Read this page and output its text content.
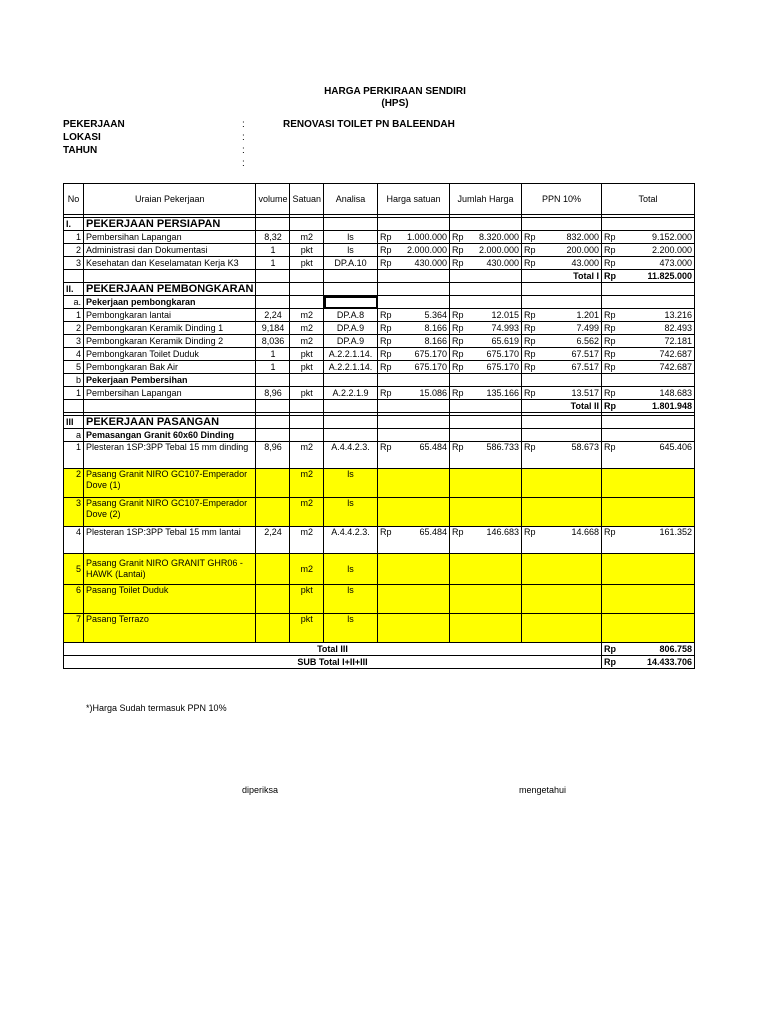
HARGA PERKIRAAN SENDIRI
(HPS)
PEKERJAAN	:	RENOVASI TOILET PN BALEENDAH
LOKASI	:
TAHUN	:
:
No	Uraian Pekerjaan	volume	Satuan	Analisa	Harga satuan	Jumlah Harga	PPN 10%	Total

I.	PEKERJAAN PERSIAPAN							
1	Pembersihan Lapangan	8,32	m2	ls	Rp 1.000.000	Rp 8.320.000	Rp 832.000	Rp 9.152.000
2	Administrasi dan Dokumentasi	1	pkt	ls	Rp 2.000.000	Rp 2.000.000	Rp 200.000	Rp 2.200.000
3	Kesehatan dan Keselamatan Kerja K3	1	pkt	DP.A.10	Rp 430.000	Rp 430.000	Rp 43.000	Rp 473.000
							Total I	Rp 11.825.000
II.	PEKERJAAN PEMBONGKARAN							
a.	Pekerjaan pembongkaran							
1	Pembongkaran lantai	2,24	m2	DP.A.8	Rp 5.364	Rp 12.015	Rp 1.201	Rp 13.216
2	Pembongkaran Keramik Dinding 1	9,184	m2	DP.A.9	Rp 8.166	Rp 74.993	Rp 7.499	Rp 82.493
3	Pembongkaran Keramik Dinding 2	8,036	m2	DP.A.9	Rp 8.166	Rp 65.619	Rp 6.562	Rp 72.181
4	Pembongkaran Toilet Duduk	1	pkt	A.2.2.1.14.	Rp 675.170	Rp 675.170	Rp 67.517	Rp 742.687
5	Pembongkaran Bak Air	1	pkt	A.2.2.1.14.	Rp 675.170	Rp 675.170	Rp 67.517	Rp 742.687
b	Pekerjaan Pembersihan							
1	Pembersihan Lapangan	8,96	pkt	A.2.2.1.9	Rp 15.086	Rp 135.166	Rp 13.517	Rp 148.683
							Total II	Rp 1.801.948

III	PEKERJAAN PASANGAN							
a	Pemasangan Granit 60x60 Dinding							
1	Plesteran 1SP:3PP Tebal 15 mm dinding	8,96	m2	A.4.4.2.3.	Rp 65.484	Rp 586.733	Rp 58.673	Rp 645.406
2	Pasang Granit NIRO GC107-Emperador Dove (1)		m2	ls				
3	Pasang Granit NIRO GC107-Emperador Dove (2)		m2	ls				
4	Plesteran 1SP:3PP Tebal 15 mm lantai	2,24	m2	A.4.4.2.3.	Rp 65.484	Rp 146.683	Rp 14.668	Rp 161.352
5	Pasang Granit NIRO GRANIT GHR06 - HAWK (Lantai)		m2	ls				
6	Pasang Toilet Duduk		pkt	ls				
7	Pasang Terrazo		pkt	ls				
Total III								Rp 806.758
SUB Total I+II+III								Rp 14.433.706
*)Harga Sudah termasuk PPN 10%
diperiksa	mengetahui
